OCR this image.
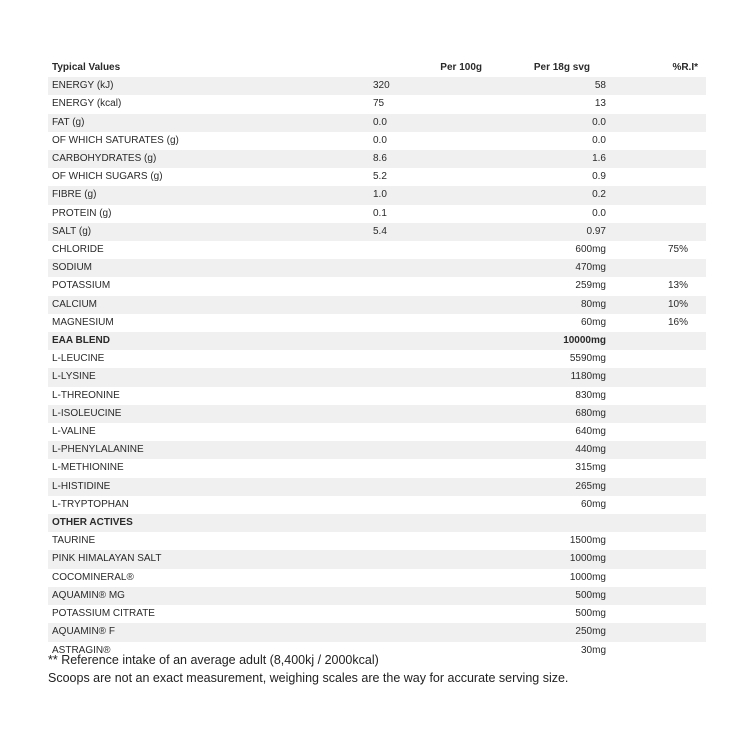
Typical Values	Per 100g	Per 18g svg	%R.I*
ENERGY (kJ)	320	58	
ENERGY (kcal)	75	13	
FAT (g)	0.0	0.0	
OF WHICH SATURATES (g)	0.0	0.0	
CARBOHYDRATES (g)	8.6	1.6	
OF WHICH SUGARS (g)	5.2	0.9	
FIBRE (g)	1.0	0.2	
PROTEIN (g)	0.1	0.0	
SALT (g)	5.4	0.97	
CHLORIDE		600mg	75%
SODIUM		470mg	
POTASSIUM		259mg	13%
CALCIUM		80mg	10%
MAGNESIUM		60mg	16%
EAA BLEND		10000mg	
L-LEUCINE		5590mg	
L-LYSINE		1180mg	
L-THREONINE		830mg	
L-ISOLEUCINE		680mg	
L-VALINE		640mg	
L-PHENYLALANINE		440mg	
L-METHIONINE		315mg	
L-HISTIDINE		265mg	
L-TRYPTOPHAN		60mg	
OTHER ACTIVES			
TAURINE		1500mg	
PINK HIMALAYAN SALT		1000mg	
COCOMINERAL®		1000mg	
AQUAMIN® MG		500mg	
POTASSIUM CITRATE		500mg	
AQUAMIN® F		250mg	
ASTRAGIN®		30mg	
** Reference intake of an average adult (8,400kj / 2000kcal)
Scoops are not an exact measurement, weighing scales are the way for accurate serving size.
